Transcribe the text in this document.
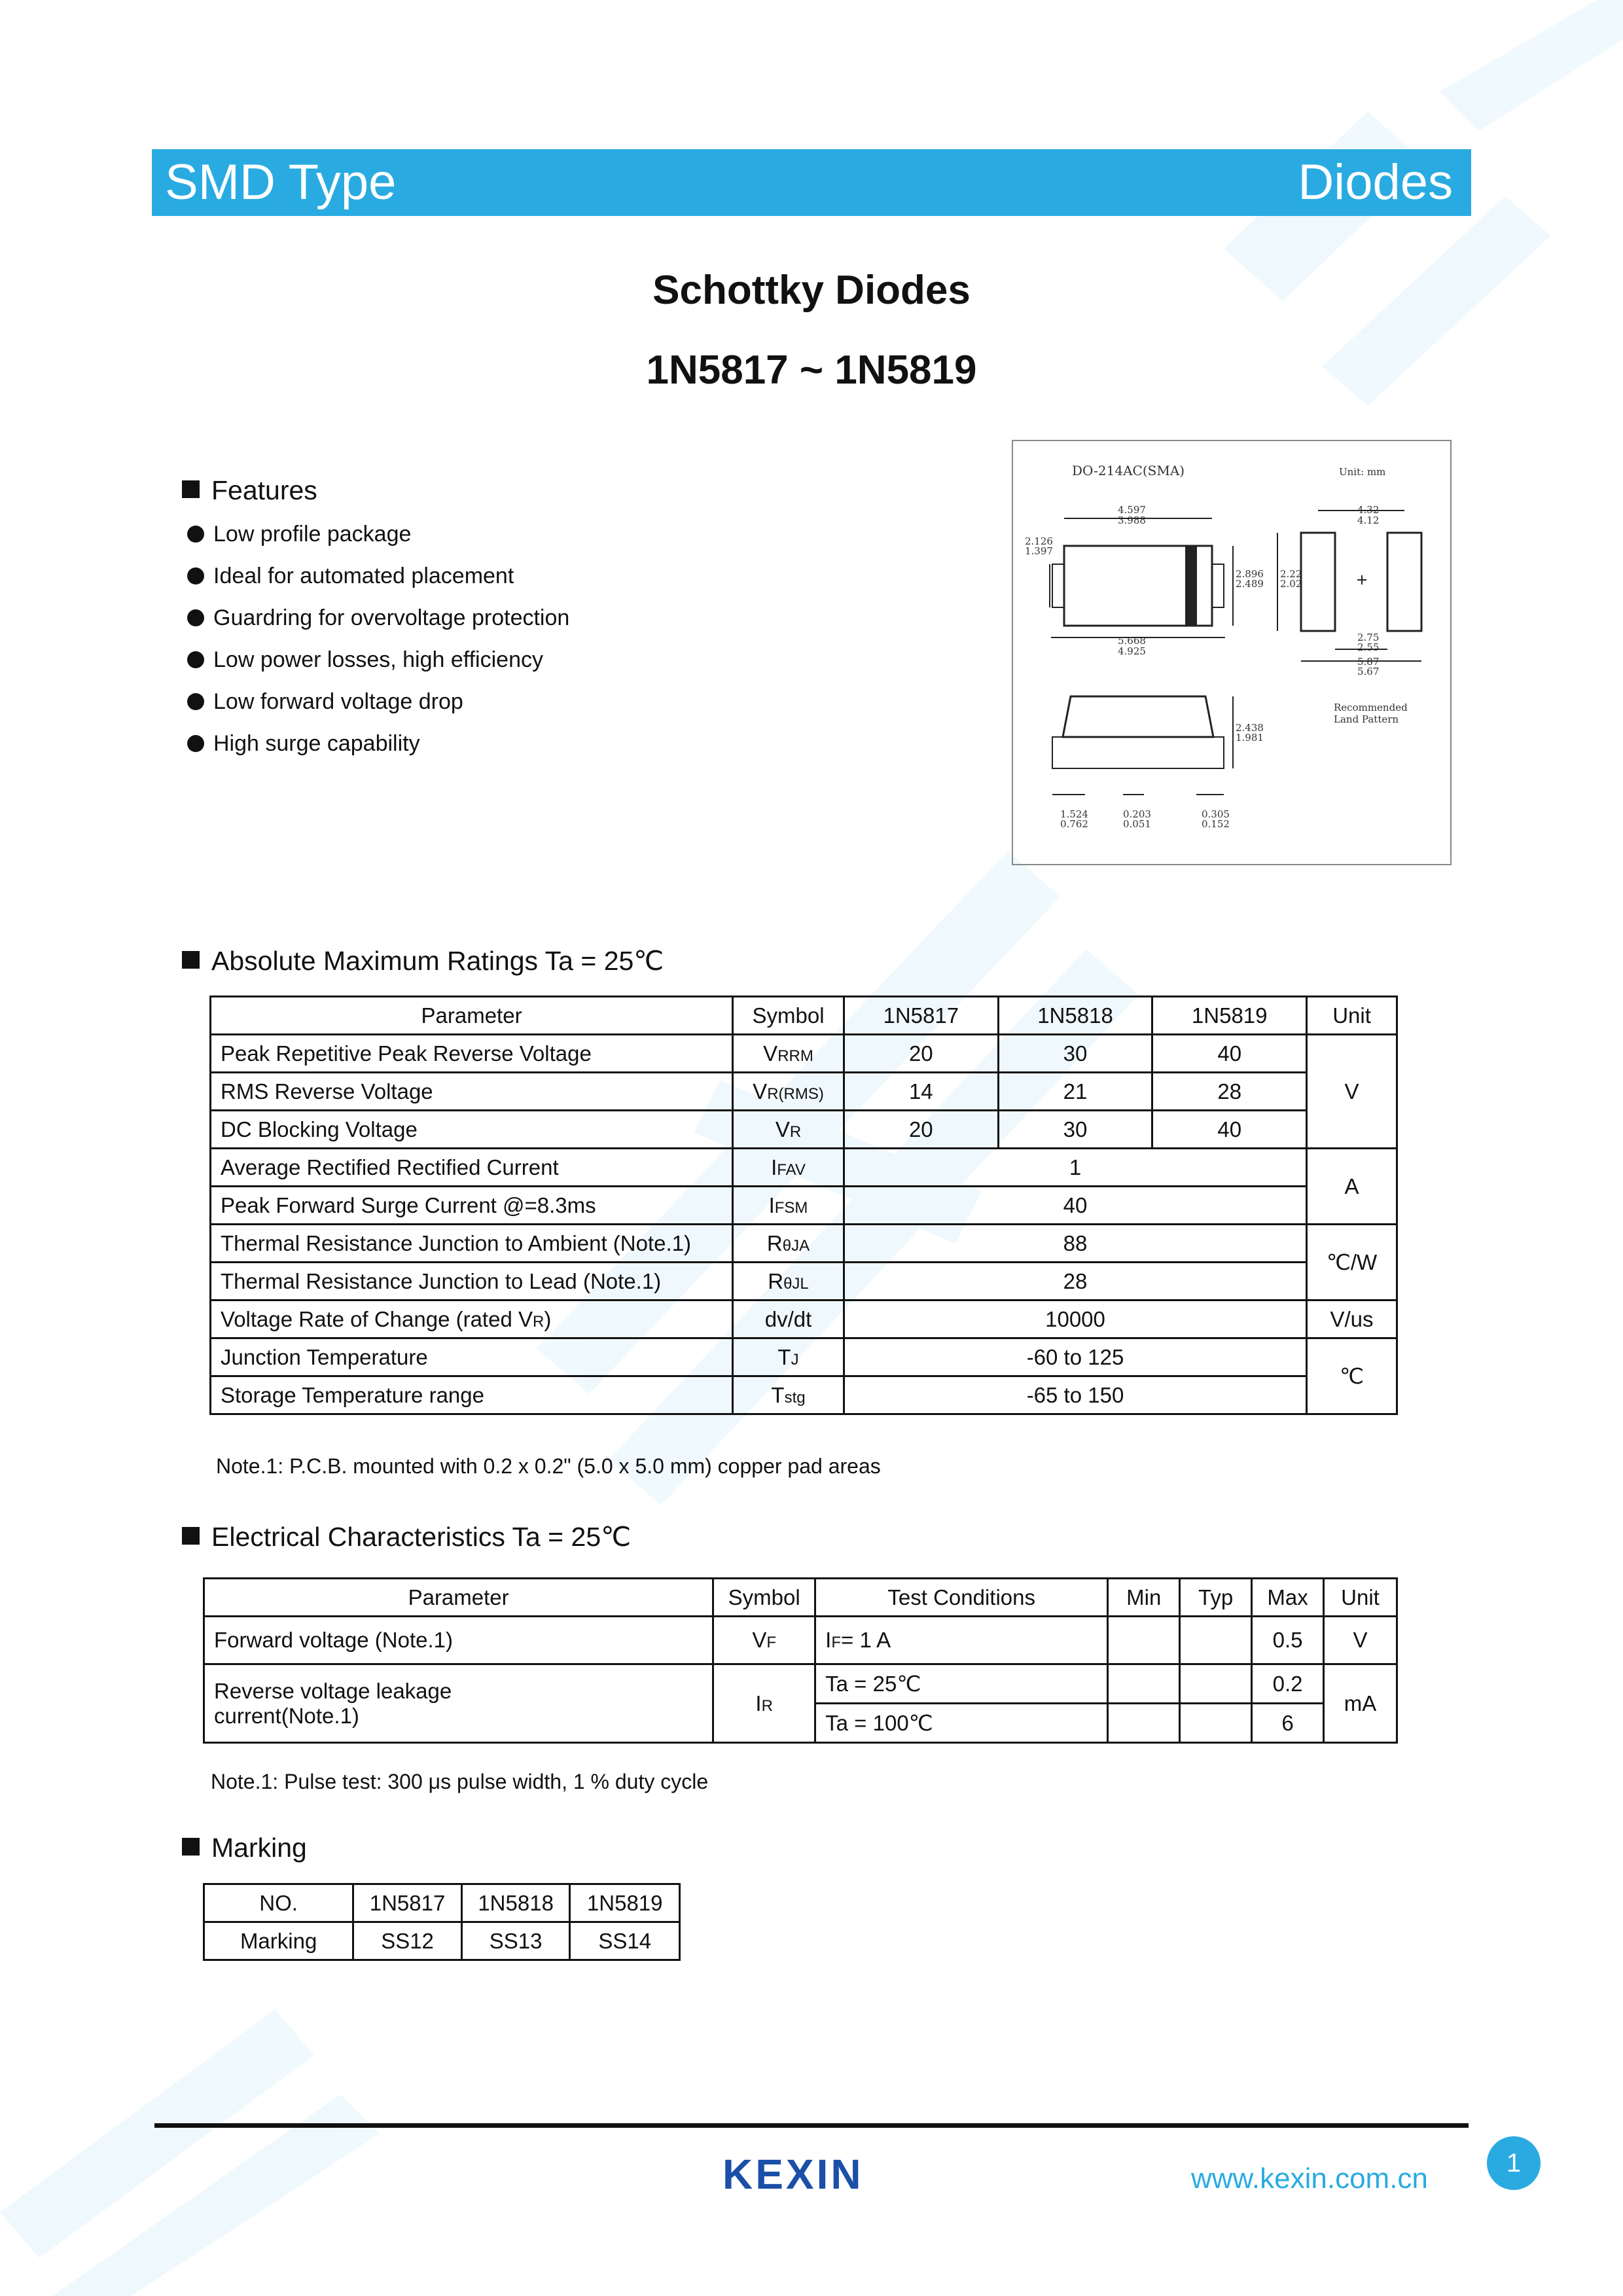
SMD Type	Diodes
Schottky Diodes
1N5817 ~ 1N5819
Features
Low profile package
Ideal for automated placement
Guardring for overvoltage protection
Low power losses, high efficiency
Low forward voltage drop
High surge capability
DO-214AC(SMA)	Unit: mm
4.597
3.988
2.126
1.397
2.896
2.489
5.668
4.925
2.438
1.981
1.524
0.762
0.203
0.051
0.305
0.152
4.32
4.12
2.22
2.02
2.75
2.55
5.87
5.67
Recommended
Land Pattern
Absolute Maximum Ratings Ta = 25℃
Parameter	Symbol	1N5817	1N5818	1N5819	Unit
Peak Repetitive Peak Reverse Voltage	VRRM	20	30	40	V
RMS Reverse Voltage	VR(RMS)	14	21	28	
DC Blocking Voltage	VR	20	30	40	
Average Rectified Rectified Current	IFAV	1			A
Peak Forward Surge Current @=8.3ms	IFSM	40			
Thermal Resistance Junction to Ambient (Note.1)	RθJA	88			℃/W
Thermal Resistance Junction to Lead (Note.1)	RθJL	28			
Voltage Rate of Change (rated VR)	dv/dt	10000			V/us
Junction Temperature	TJ	-60 to 125			℃
Storage Temperature range	Tstg	-65 to 150			
Note.1: P.C.B. mounted with 0.2 x 0.2" (5.0 x 5.0 mm) copper pad areas
Electrical Characteristics Ta = 25℃
Parameter	Symbol	Test Conditions	Min	Typ	Max	Unit
Forward voltage (Note.1)	VF	IF= 1 A			0.5	V

Reverse voltage leakage
current(Note.1)	IR	Ta = 25℃			0.2	mA
		Ta = 100℃			6	
Note.1: Pulse test: 300 μs pulse width, 1 % duty cycle
Marking
NO.	1N5817	1N5818	1N5819
Marking	SS12	SS13	SS14
KEXIN	www.kexin.com.cn	1
